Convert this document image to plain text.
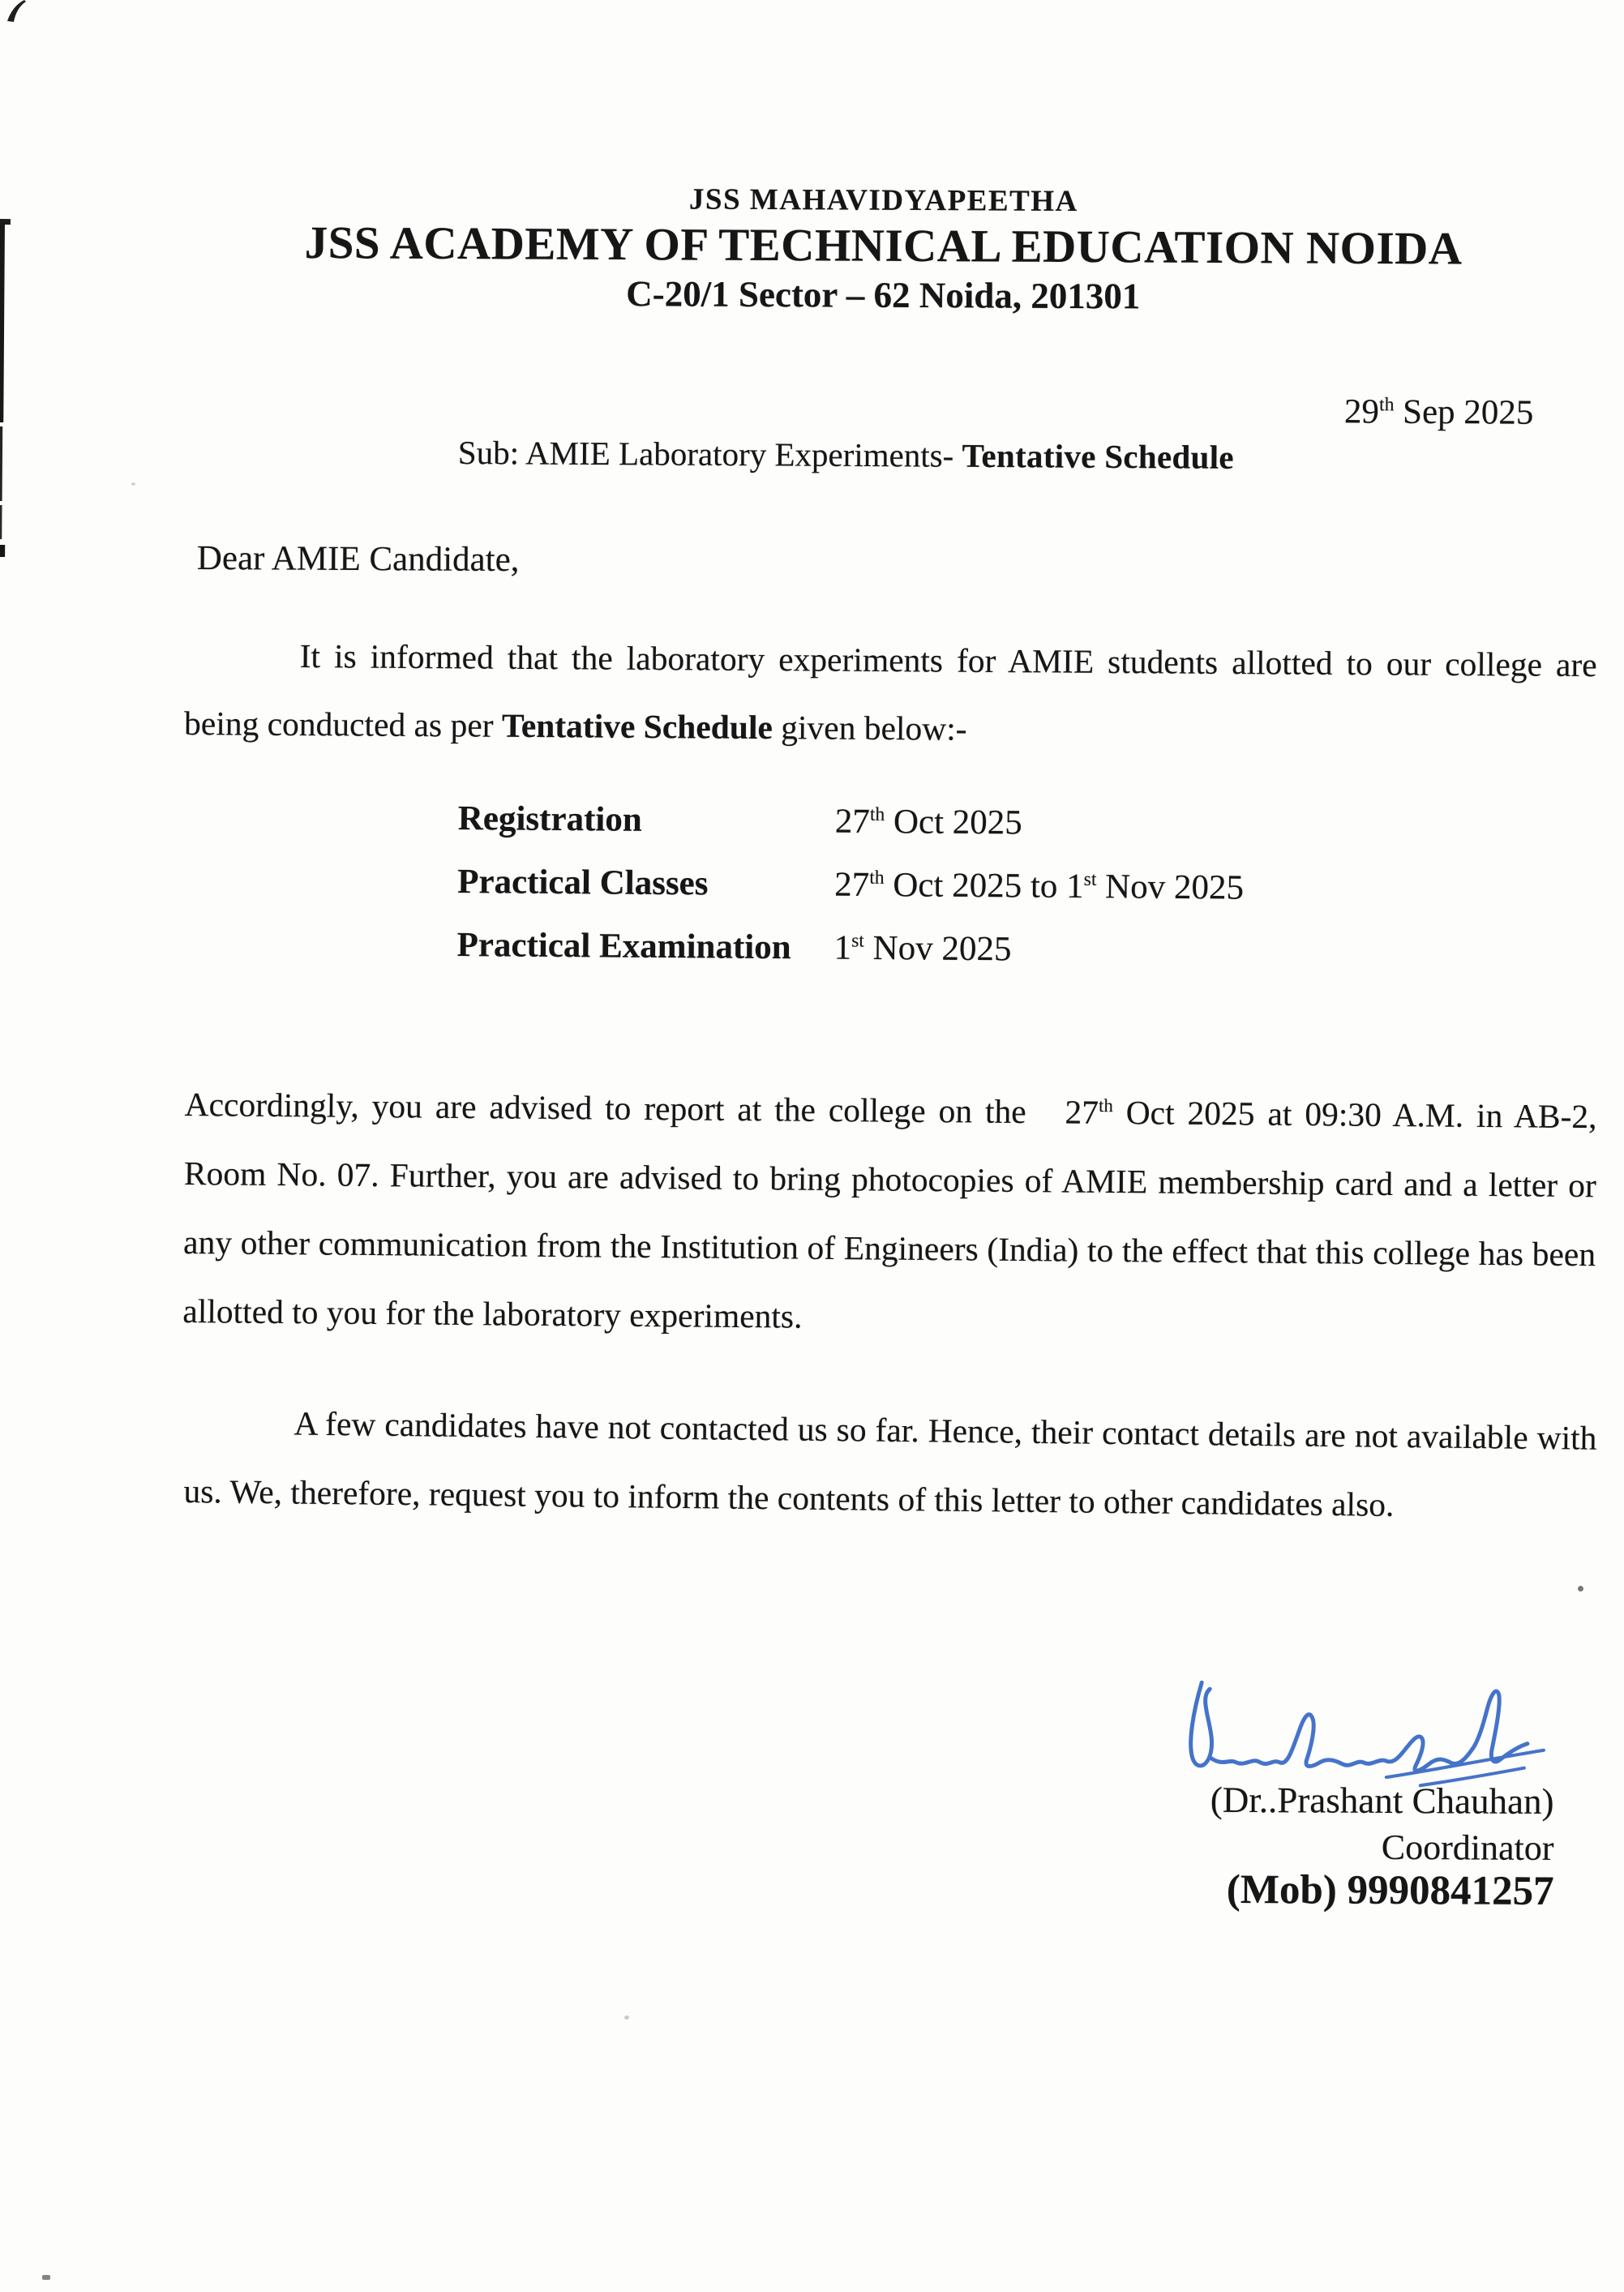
JSS MAHAVIDYAPEETHA
JSS ACADEMY OF TECHNICAL EDUCATION NOIDA
C-20/1 Sector – 62 Noida, 201301
29th Sep 2025
Sub: AMIE Laboratory Experiments- Tentative Schedule
Dear AMIE Candidate,
It is informed that the laboratory experiments for AMIE students allotted to our college are being conducted as per Tentative Schedule given below:-
Registration	27th Oct 2025
Practical Classes	27th Oct 2025 to 1st Nov 2025
Practical Examination	1st Nov 2025
Accordingly, you are advised to report at the college on the   27th Oct 2025 at 09:30 A.M. in AB-2, Room No. 07. Further, you are advised to bring photocopies of AMIE membership card and a letter or any other communication from the Institution of Engineers (India) to the effect that this college has been allotted to you for the laboratory experiments.
A few candidates have not contacted us so far. Hence, their contact details are not available with us. We, therefore, request you to inform the contents of this letter to other candidates also.
(Dr..Prashant Chauhan)
Coordinator
(Mob) 9990841257
